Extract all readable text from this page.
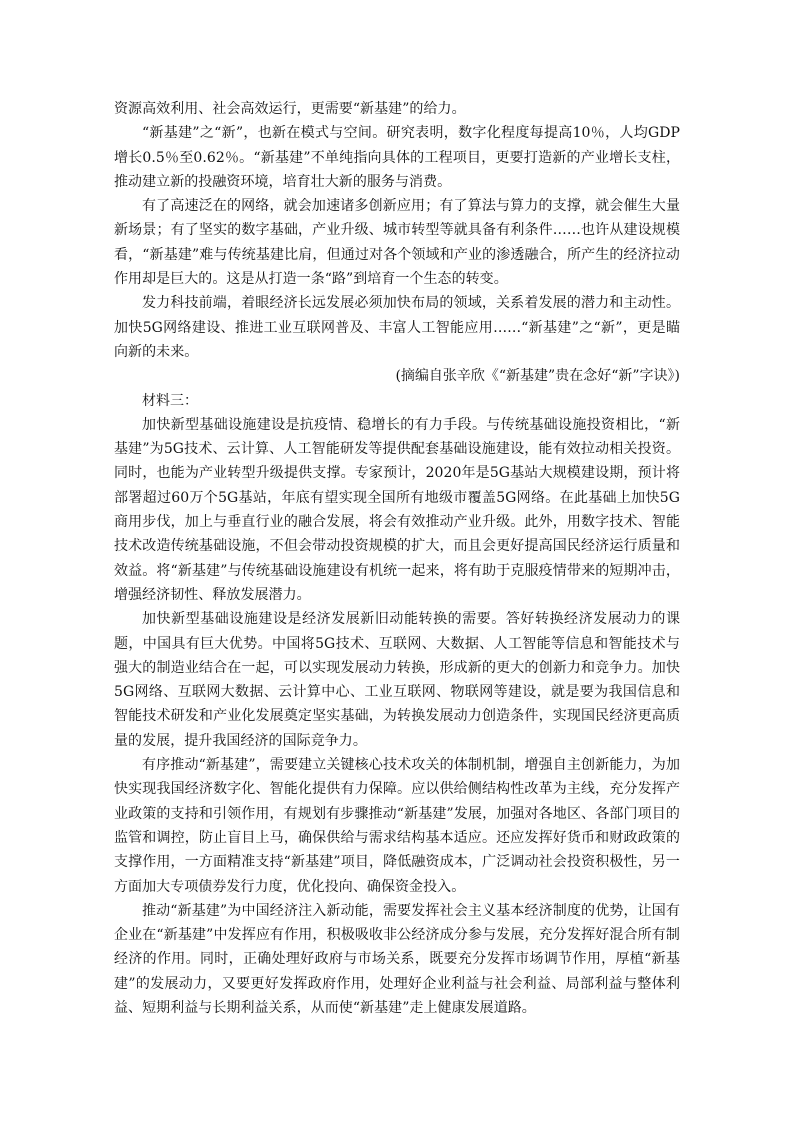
资源高效利用、社会高效运行，更需要“新基建”的给力。

“新基建”之“新”，也新在模式与空间。研究表明，数字化程度每提高10％，人均GDP增长0.5％至0.62％。“新基建”不单纯指向具体的工程项目，更要打造新的产业增长支柱，推动建立新的投融资环境，培育壮大新的服务与消费。

有了高速泛在的网络，就会加速诸多创新应用；有了算法与算力的支撑，就会催生大量新场景；有了坚实的数字基础，产业升级、城市转型等就具备有利条件……也许从建设规模看，“新基建”难与传统基建比肩，但通过对各个领域和产业的渗透融合，所产生的经济拉动作用却是巨大的。这是从打造一条“路”到培育一个生态的转变。

发力科技前端，着眼经济长远发展必须加快布局的领域，关系着发展的潜力和主动性。加快5G网络建设、推进工业互联网普及、丰富人工智能应用……“新基建”之“新”，更是瞄向新的未来。

(摘编自张辛欣《“新基建”贵在念好“新”字诀》)

材料三：

加快新型基础设施建设是抗疫情、稳增长的有力手段。与传统基础设施投资相比，“新基建”为5G技术、云计算、人工智能研发等提供配套基础设施建设，能有效拉动相关投资。同时，也能为产业转型升级提供支撑。专家预计，2020年是5G基站大规模建设期，预计将部署超过60万个5G基站，年底有望实现全国所有地级市覆盖5G网络。在此基础上加快5G商用步伐，加上与垂直行业的融合发展，将会有效推动产业升级。此外，用数字技术、智能技术改造传统基础设施，不但会带动投资规模的扩大，而且会更好提高国民经济运行质量和效益。将“新基建”与传统基础设施建设有机统一起来，将有助于克服疫情带来的短期冲击，增强经济韧性、释放发展潜力。

加快新型基础设施建设是经济发展新旧动能转换的需要。答好转换经济发展动力的课题，中国具有巨大优势。中国将5G技术、互联网、大数据、人工智能等信息和智能技术与强大的制造业结合在一起，可以实现发展动力转换，形成新的更大的创新力和竞争力。加快5G网络、互联网大数据、云计算中心、工业互联网、物联网等建设，就是要为我国信息和智能技术研发和产业化发展奠定坚实基础，为转换发展动力创造条件，实现国民经济更高质量的发展，提升我国经济的国际竞争力。

有序推动“新基建”，需要建立关键核心技术攻关的体制机制，增强自主创新能力，为加快实现我国经济数字化、智能化提供有力保障。应以供给侧结构性改革为主线，充分发挥产业政策的支持和引领作用，有规划有步骤推动“新基建”发展，加强对各地区、各部门项目的监管和调控，防止盲目上马，确保供给与需求结构基本适应。还应发挥好货币和财政政策的支撑作用，一方面精准支持“新基建”项目，降低融资成本，广泛调动社会投资积极性，另一方面加大专项债券发行力度，优化投向、确保资金投入。

推动“新基建”为中国经济注入新动能，需要发挥社会主义基本经济制度的优势，让国有企业在“新基建”中发挥应有作用，积极吸收非公经济成分参与发展，充分发挥好混合所有制经济的作用。同时，正确处理好政府与市场关系，既要充分发挥市场调节作用，厚植“新基建”的发展动力，又要更好发挥政府作用，处理好企业利益与社会利益、局部利益与整体利益、短期利益与长期利益关系，从而使“新基建”走上健康发展道路。
